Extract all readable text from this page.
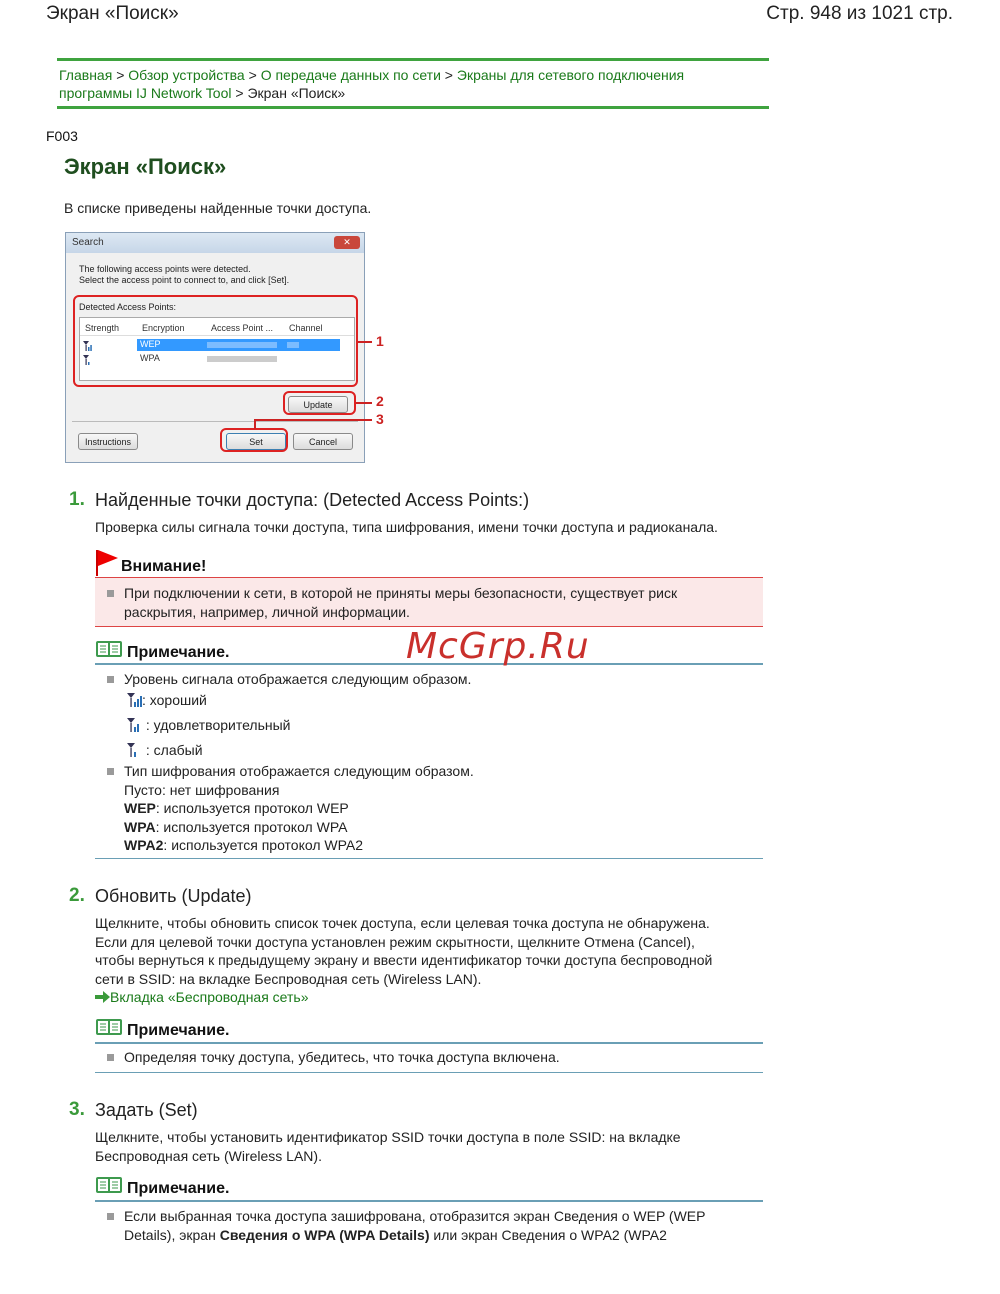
Экран «Поиск»	Стр. 948 из 1021 стр.
Главная > Обзор устройства > О передаче данных по сети > Экраны для сетевого подключения программы IJ Network Tool > Экран «Поиск»
F003
Экран «Поиск»
В списке приведены найденные точки доступа.
Search	✕
The following access points were detected.
Select the access point to connect to, and click [Set].
Detected Access Points:
Strength	Encryption	Access Point ... Channel
WEP
WPA
Update
Instructions	Set	Cancel
1
2
3
1. Найденные точки доступа: (Detected Access Points:)
Проверка силы сигнала точки доступа, типа шифрования, имени точки доступа и радиоканала.
Внимание!
При подключении к сети, в которой не приняты меры безопасности, существует риск
раскрытия, например, личной информации.
Примечание.	McGrp.Ru
Уровень сигнала отображается следующим образом.
: хороший
: удовлетворительный
: слабый
Тип шифрования отображается следующим образом.
Пусто: нет шифрования
WEP: используется протокол WEP
WPA: используется протокол WPA
WPA2: используется протокол WPA2
2. Обновить (Update)
Щелкните, чтобы обновить список точек доступа, если целевая точка доступа не обнаружена.
Если для целевой точки доступа установлен режим скрытности, щелкните Отмена (Cancel),
чтобы вернуться к предыдущему экрану и ввести идентификатор точки доступа беспроводной
сети в SSID: на вкладке Беспроводная сеть (Wireless LAN).
Вкладка «Беспроводная сеть»
Примечание.
Определяя точку доступа, убедитесь, что точка доступа включена.
3. Задать (Set)
Щелкните, чтобы установить идентификатор SSID точки доступа в поле SSID: на вкладке
Беспроводная сеть (Wireless LAN).
Примечание.
Если выбранная точка доступа зашифрована, отобразится экран Сведения о WEP (WEP
Details), экран Сведения о WPA (WPA Details) или экран Сведения о WPA2 (WPA2
